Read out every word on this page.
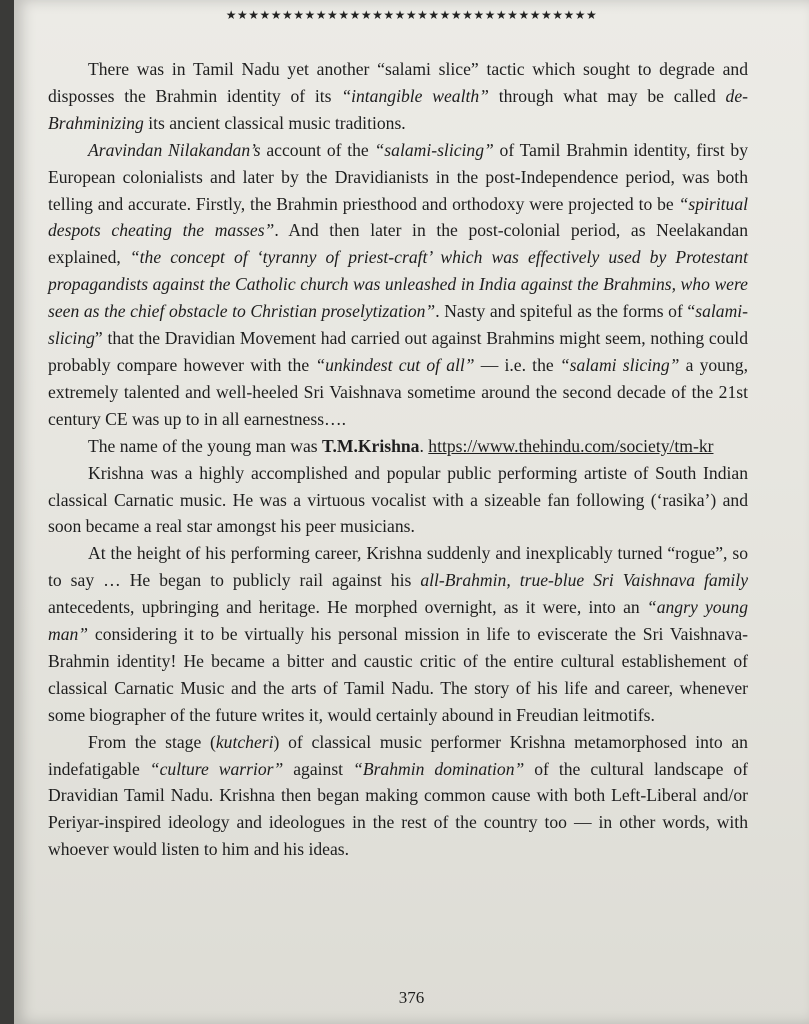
★★★★★★★★★★★★★★★★★★★★★★★★★★★★★★★★★

There was in Tamil Nadu yet another “salami slice” tactic which sought to degrade and disposses the Brahmin identity of its “intangible wealth” through what may be called de-Brahminizing its ancient classical music traditions.

Aravindan Nilakandan’s account of the “salami-slicing” of Tamil Brahmin identity, first by European colonialists and later by the Dravidianists in the post-Independence period, was both telling and accurate. Firstly, the Brahmin priesthood and orthodoxy were projected to be “spiritual despots cheating the masses”. And then later in the post-colonial period, as Neelakandan explained, “the concept of ‘tyranny of priest-craft’ which was effectively used by Protestant propagandists against the Catholic church was unleashed in India against the Brahmins, who were seen as the chief obstacle to Christian proselytization”. Nasty and spiteful as the forms of “salami-slicing” that the Dravidian Movement had carried out against Brahmins might seem, nothing could probably compare however with the “unkindest cut of all” — i.e. the “salami slicing” a young, extremely talented and well-heeled Sri Vaishnava sometime around the second decade of the 21st century CE was up to in all earnestness….

The name of the young man was T.M.Krishna. https://www.thehindu.com/society/tm-kr

Krishna was a highly accomplished and popular public performing artiste of South Indian classical Carnatic music. He was a virtuous vocalist with a sizeable fan following (‘rasika’) and soon became a real star amongst his peer musicians.

At the height of his performing career, Krishna suddenly and inexplicably turned “rogue”, so to say … He began to publicly rail against his all-Brahmin, true-blue Sri Vaishnava family antecedents, upbringing and heritage. He morphed overnight, as it were, into an “angry young man” considering it to be virtually his personal mission in life to eviscerate the Sri Vaishnava-Brahmin identity! He became a bitter and caustic critic of the entire cultural establishement of classical Carnatic Music and the arts of Tamil Nadu. The story of his life and career, whenever some biographer of the future writes it, would certainly abound in Freudian leitmotifs.

From the stage (kutcheri) of classical music performer Krishna metamorphosed into an indefatigable “culture warrior” against “Brahmin domination” of the cultural landscape of Dravidian Tamil Nadu. Krishna then began making common cause with both Left-Liberal and/or Periyar-inspired ideology and ideologues in the rest of the country too — in other words, with whoever would listen to him and his ideas.

376
